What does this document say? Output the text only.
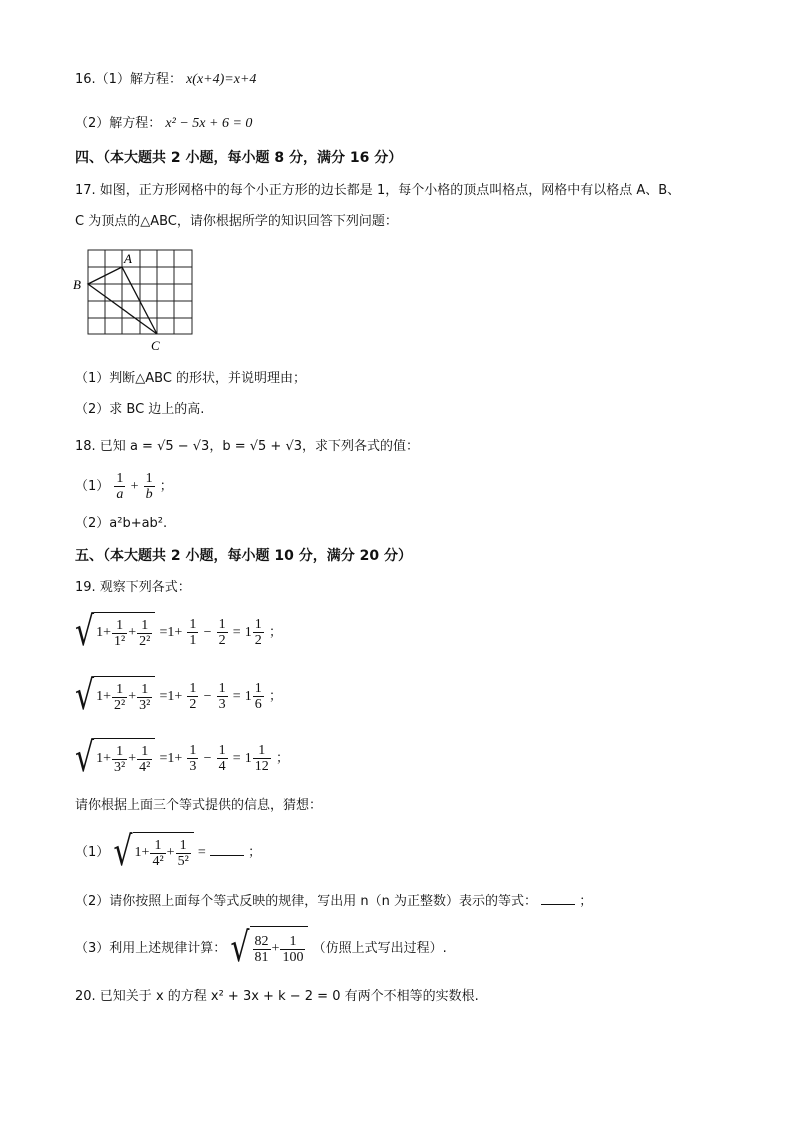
16.（1）解方程： x(x+4)=x+4
（2）解方程： x² − 5x + 6 = 0
四、（本大题共 2 小题，每小题 8 分，满分 16 分）
17. 如图，正方形网格中的每个小正方形的边长都是 1，每个小格的顶点叫格点，网格中有以格点 A、B、
C 为顶点的△ABC，请你根据所学的知识回答下列问题：
A
B
C
（1）判断△ABC 的形状，并说明理由；
（2）求 BC 边上的高.
18. 已知 a = √5 − √3，b = √5 + √3，求下列各式的值：
$(1) \frac{1}{a} + \frac{1}{b}$ ；
（2）a²b+ab².
五、（本大题共 2 小题，每小题 10 分，满分 20 分）
19. 观察下列各式：
√ $1+ \frac{1}{\text{1²}} + \frac{1}{\text{2²}} =1+ \frac{1}{1} - \frac{1}{2} = 1 \frac{1}{2}$ ；
√ $1+ \frac{1}{\text{2²}} + \frac{1}{\text{3²}} =1+ \frac{1}{2} - \frac{1}{3} = 1 \frac{1}{6}$ ；
√ $1+ \frac{1}{\text{3²}} + \frac{1}{\text{4²}} =1+ \frac{1}{3} - \frac{1}{4} = 1 \frac{1}{12}$ ；
请你根据上面三个等式提供的信息，猜想：
（1） √ $1+ \frac{1}{\text{4²}} + \frac{1}{\text{5²}}$ =	；
（2）请你按照上面每个等式反映的规律，写出用 n（n 为正整数）表示的等式：	；
（3）利用上述规律计算： √ $\frac{82}{81} + \frac{1}{100}$ （仿照上式写出过程）.
20. 已知关于 x 的方程 x² + 3x + k − 2 = 0 有两个不相等的实数根.
